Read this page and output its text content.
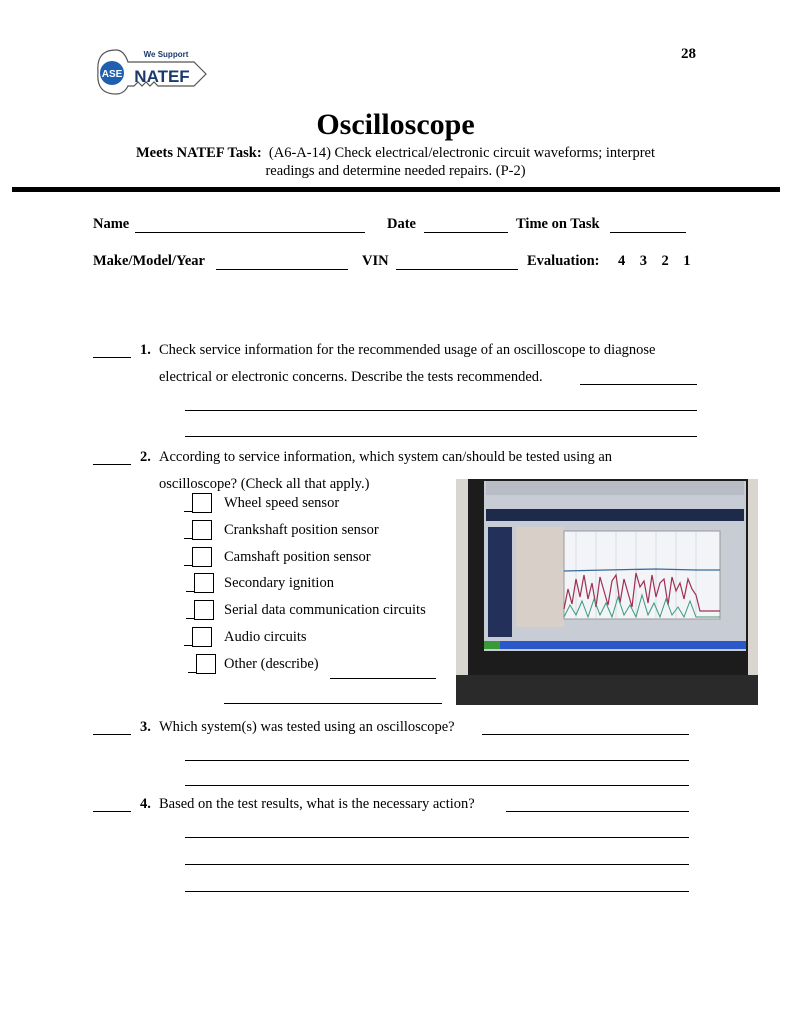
ASE NATEF
We Support	28
Oscilloscope
Meets NATEF Task: (A6-A-14) Check electrical/electronic circuit waveforms; interpret
readings and determine needed repairs. (P-2)
Name	Date	Time on Task
Make/Model/Year	VIN	Evaluation: 4 3 2 1
1. Check service information for the recommended usage of an oscilloscope to diagnose
electrical or electronic concerns. Describe the tests recommended.
2. According to service information, which system can/should be tested using an
oscilloscope? (Check all that apply.)
Wheel speed sensor
Crankshaft position sensor
Camshaft position sensor
Secondary ignition
Serial data communication circuits
Audio circuits
Other (describe)
3. Which system(s) was tested using an oscilloscope?
4. Based on the test results, what is the necessary action?
